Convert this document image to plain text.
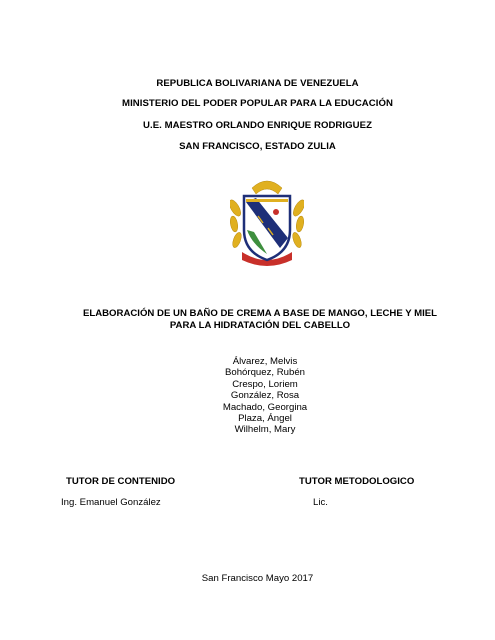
REPUBLICA BOLIVARIANA DE VENEZUELA
MINISTERIO DEL PODER POPULAR PARA LA EDUCACIÓN
U.E. MAESTRO ORLANDO ENRIQUE RODRIGUEZ
SAN FRANCISCO, ESTADO ZULIA
ELABORACIÓN DE UN BAÑO DE CREMA A BASE DE MANGO, LECHE Y MIEL
PARA LA HIDRATACIÓN DEL CABELLO
Álvarez, Melvis
Bohórquez, Rubén
Crespo, Loriem
González, Rosa
Machado, Georgina
Plaza, Ángel
Wilhelm, Mary
TUTOR DE CONTENIDO	TUTOR METODOLOGICO
Ing. Emanuel González	Lic.
San Francisco Mayo 2017
